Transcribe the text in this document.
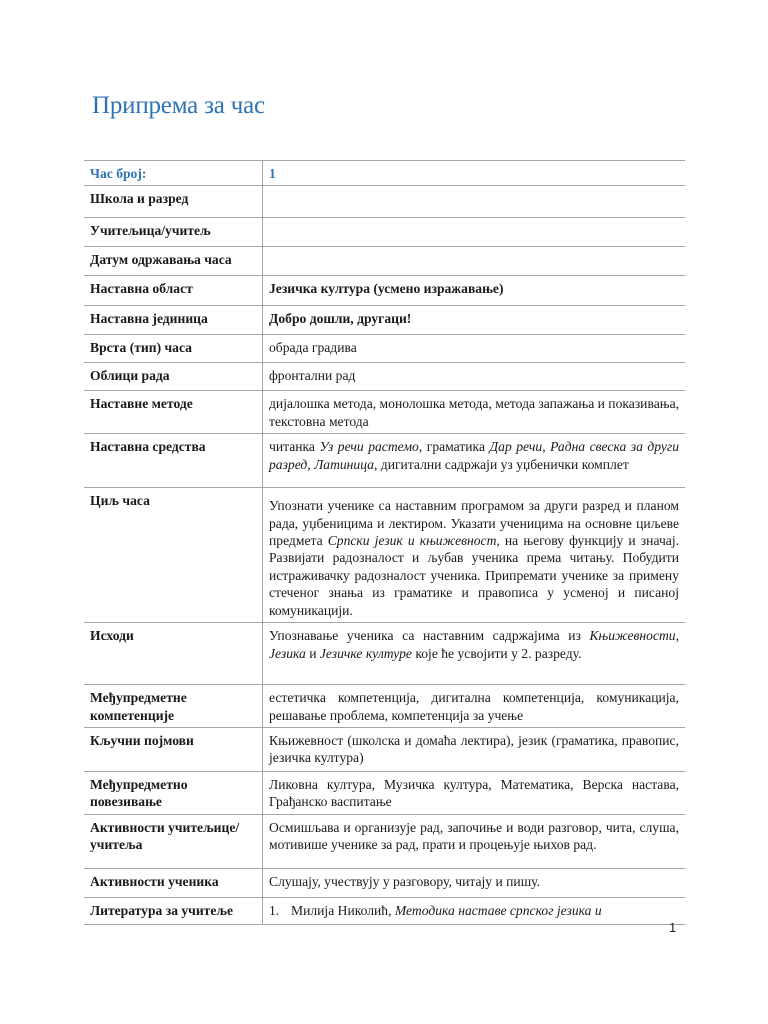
Припрема за час
Час број:	1
Школа и разред	
Учитељица/учитељ	
Датум одржавања часа	
Наставна област	Језичка култура (усмено изражавање)
Наставна јединица	Добро дошли, другаци!
Врста (тип) часа	обрада градива
Облици рада	фронтални рад
Наставне методе	дијалошка метода, монолошка метода, метода запажања и показивања, текстовна метода
Наставна средства	читанка Уз речи растемо, граматика Дар речи, Радна свеска за други разред, Латиница, дигитални садржаји уз уџбенички комплет
Циљ часа	Упознати ученике са наставним програмом за други разред и планом рада, уџбеницима и лектиром. Указати ученицима на основне циљеве предмета Српски језик и књижевност, на његову функцију и значај. Развијати радозналост и љубав ученика према читању. Побудити истраживачку радозналост ученика. Припремати ученике за примену стеченог знања из граматике и правописа у усменој и писаној комуникацији.
Исходи	Упознавање ученика са наставним садржајима из Књижевности, Језика и Језичке културе које ће усвојити у 2. разреду.
Међупредметне компетенције	естетичка компетенција, дигитална компетенција, комуникација, решавање проблема, компетенција за учење
Кључни појмови	Књижевност (школска и домаћа лектира), језик (граматика, правопис, језичка култура)
Међупредметно повезивање	Ликовна култура, Музичка култура, Математика, Верска настава, Грађанско васпитање
Активности учитељице/учитеља	Осмишљава и организује рад, започиње и води разговор, чита, слуша, мотивише ученике за рад, прати и процењује њихов рад.
Активности ученика	Слушају, учествују у разговору, читају и пишу.
Литература за учитеље	1. Милија Николић, Методика наставе српског језика и
1
